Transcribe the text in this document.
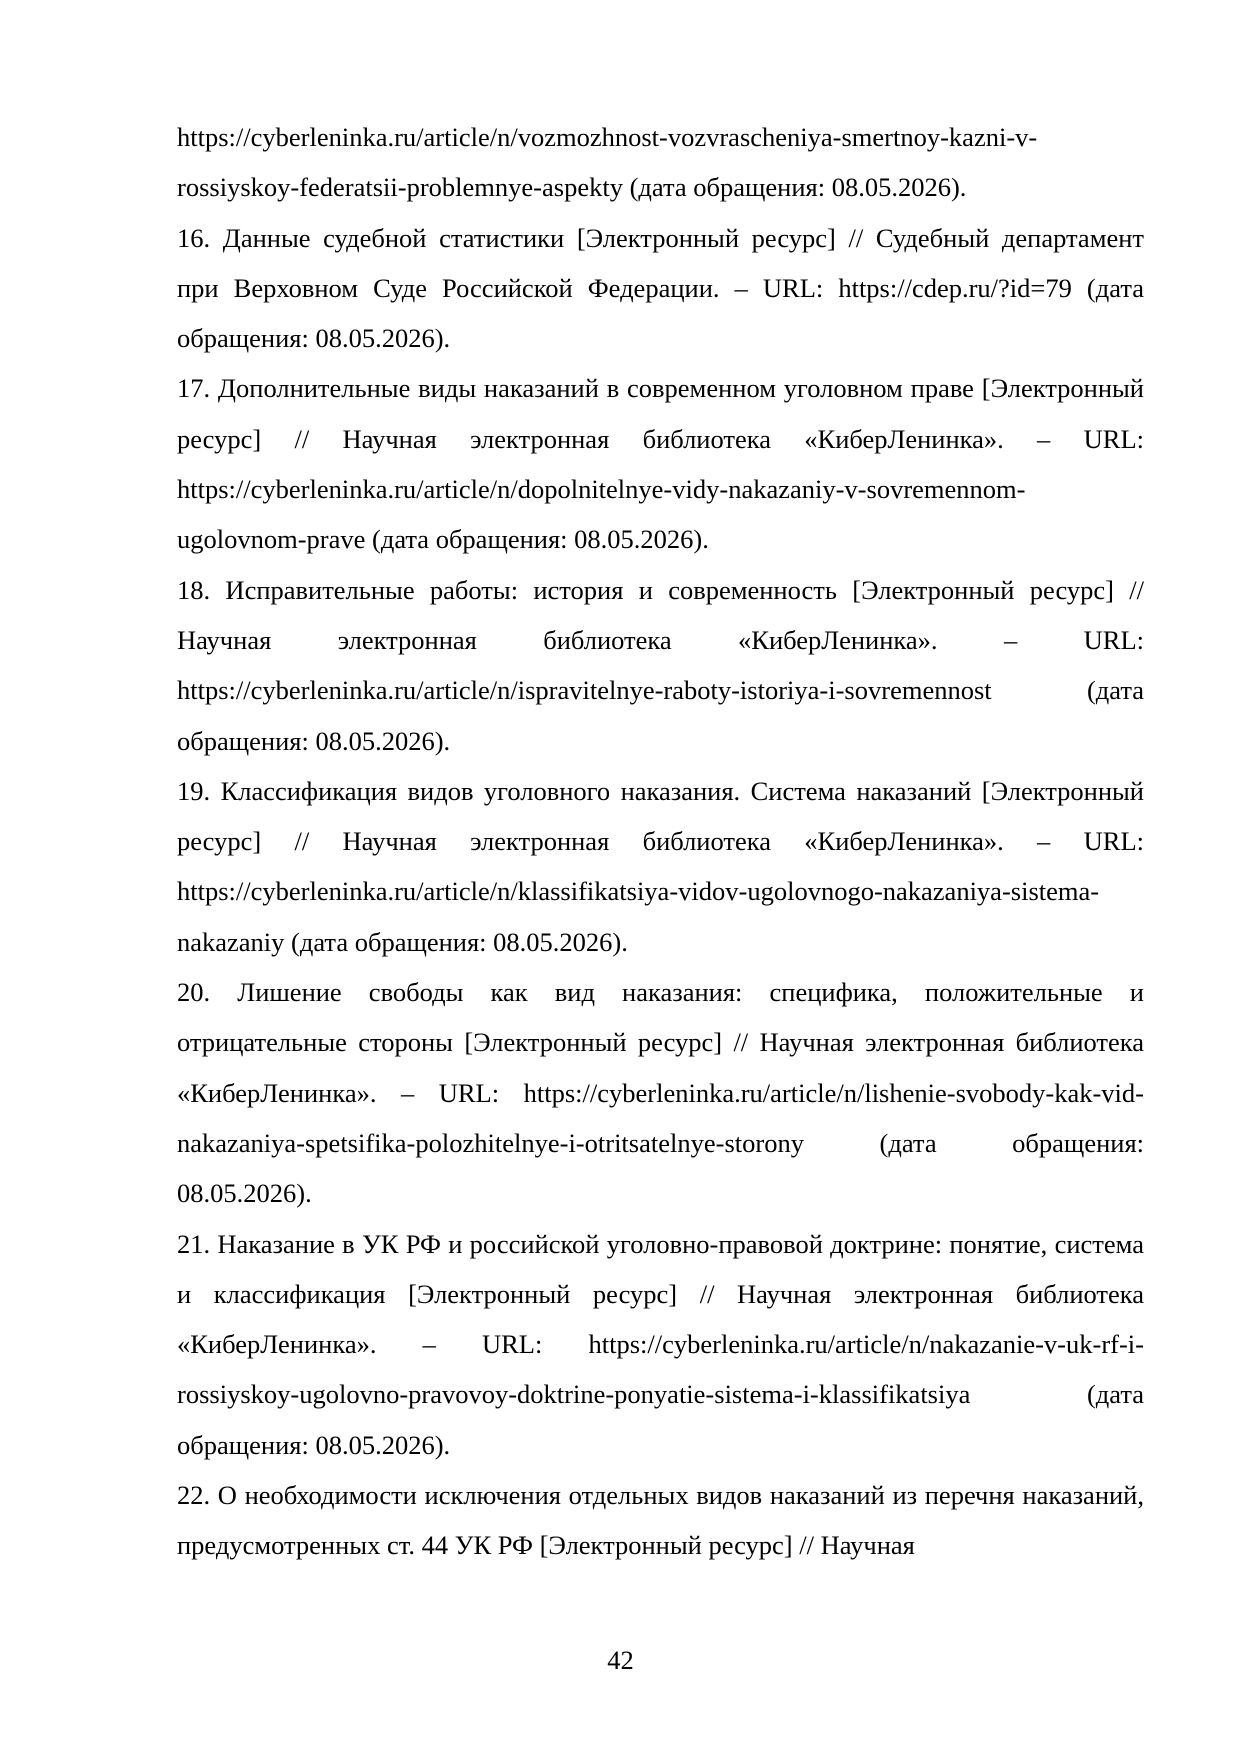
https://cyberleninka.ru/article/n/vozmozhnost-vozvrascheniya-smertnoy-kazni-v-rossiyskoy-federatsii-problemnye-aspekty (дата обращения: 08.05.2026).

16. Данные судебной статистики [Электронный ресурс] // Судебный департамент при Верховном Суде Российской Федерации. – URL: https://cdep.ru/?id=79 (дата обращения: 08.05.2026).

17. Дополнительные виды наказаний в современном уголовном праве [Электронный ресурс] // Научная электронная библиотека «КиберЛенинка». – URL: https://cyberleninka.ru/article/n/dopolnitelnye-vidy-nakazaniy-v-sovremennom-ugolovnom-prave (дата обращения: 08.05.2026).

18. Исправительные работы: история и современность [Электронный ресурс] // Научная электронная библиотека «КиберЛенинка». – URL: https://cyberleninka.ru/article/n/ispravitelnye-raboty-istoriya-i-sovremennost (дата обращения: 08.05.2026).

19. Классификация видов уголовного наказания. Система наказаний [Электронный ресурс] // Научная электронная библиотека «КиберЛенинка». – URL: https://cyberleninka.ru/article/n/klassifikatsiya-vidov-ugolovnogo-nakazaniya-sistema-nakazaniy (дата обращения: 08.05.2026).

20. Лишение свободы как вид наказания: специфика, положительные и отрицательные стороны [Электронный ресурс] // Научная электронная библиотека «КиберЛенинка». – URL: https://cyberleninka.ru/article/n/lishenie-svobody-kak-vid-nakazaniya-spetsifika-polozhitelnye-i-otritsatelnye-storony (дата обращения: 08.05.2026).

21. Наказание в УК РФ и российской уголовно-правовой доктрине: понятие, система и классификация [Электронный ресурс] // Научная электронная библиотека «КиберЛенинка». – URL: https://cyberleninka.ru/article/n/nakazanie-v-uk-rf-i-rossiyskoy-ugolovno-pravovoy-doktrine-ponyatie-sistema-i-klassifikatsiya (дата обращения: 08.05.2026).

22. О необходимости исключения отдельных видов наказаний из перечня наказаний, предусмотренных ст. 44 УК РФ [Электронный ресурс] // Научная

42
